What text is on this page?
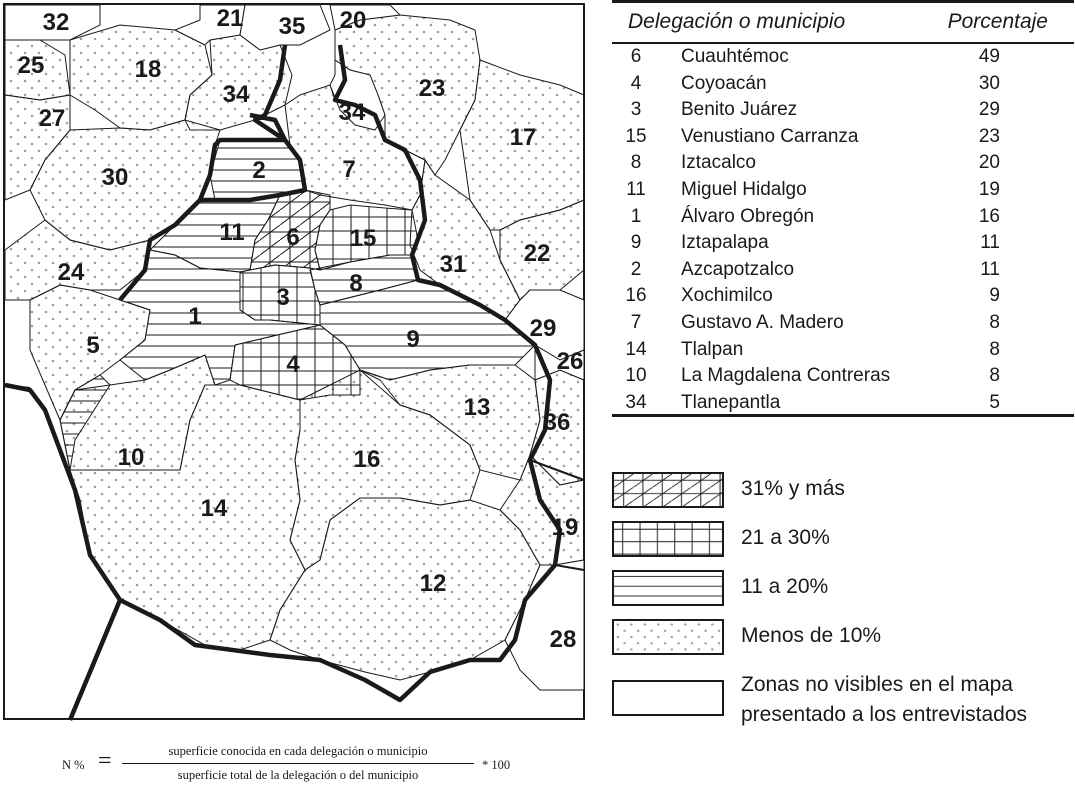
32	21 35 20
25	18
34
34
23
27
17
2	7
30
11 6 15
31 22
24
3
8
1	29
5	9
26
4
13
36
10	16
14
19
12
28
Delegación o municipio	Porcentaje
6	Cuauhtémoc	49
4	Coyoacán	30
3	Benito Juárez	29
15	Venustiano Carranza	23
8	Iztacalco	20
11	Miguel Hidalgo	19
1	Álvaro Obregón	16
9	Iztapalapa	11
2	Azcapotzalco	11
16	Xochimilco	9
7	Gustavo A. Madero	8
14	Tlalpan	8
10	La Magdalena Contreras	8
34	Tlanepantla	5
31% y más
21 a 30%
11 a 20%
Menos de 10%
Zonas no visibles en el mapa
presentado a los entrevistados
N % =	superficie conocida en cada delegación o municipio
superficie total de la delegación o del municipio
* 100
